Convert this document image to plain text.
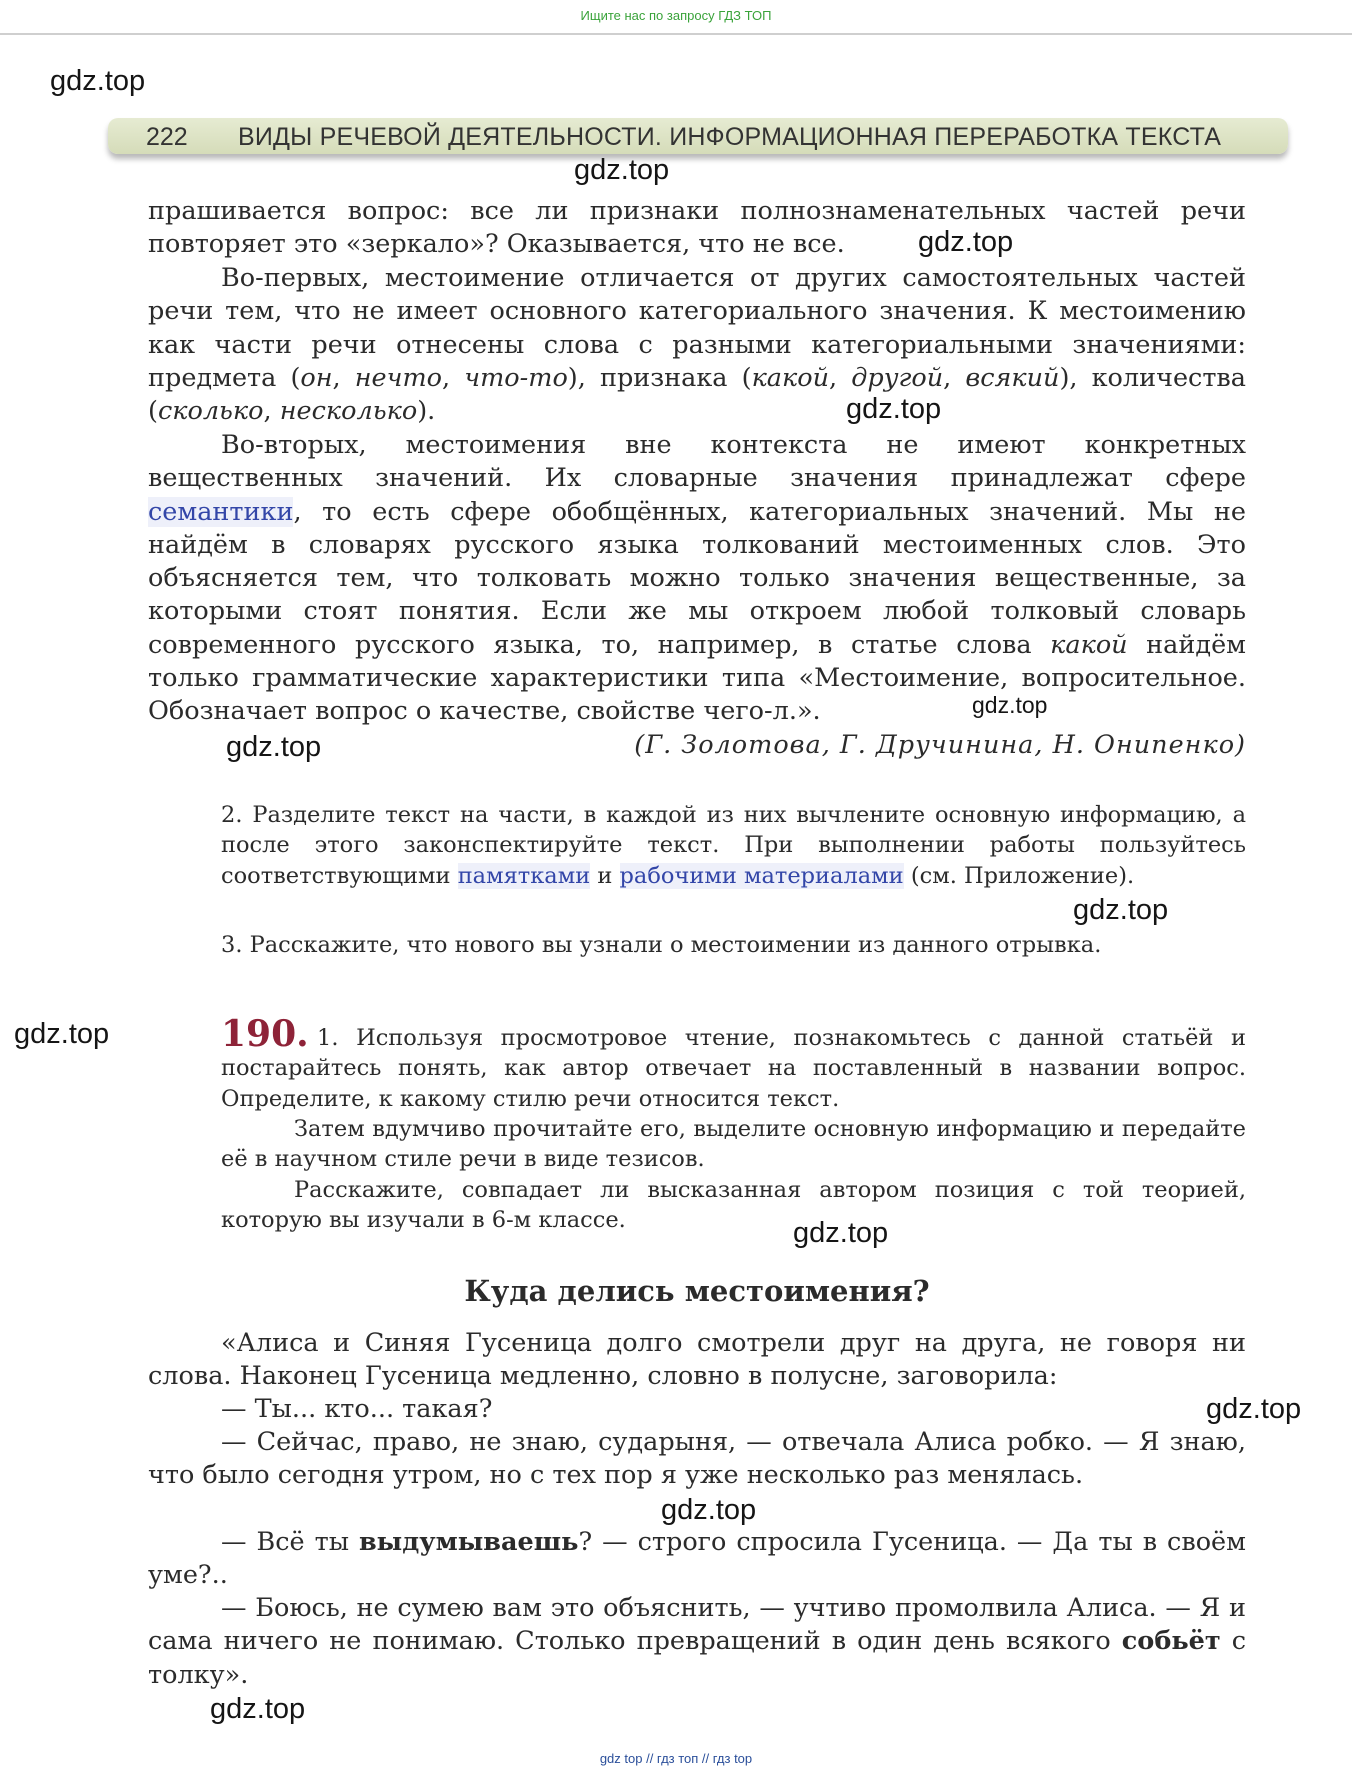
Ищите нас по запросу ГДЗ ТОП
gdz.top
222 ВИДЫ РЕЧЕВОЙ ДЕЯТЕЛЬНОСТИ. ИНФОРМАЦИОННАЯ ПЕРЕРАБОТКА ТЕКСТА
gdz.top

прашивается вопрос: все ли признаки полнознаменательных частей речи повторяет это «зеркало»? Оказывается, что не все.	gdz.top

Во-первых, местоимение отличается от других самостоятельных частей речи тем, что не имеет основного категориального значения. К местоимению как части речи отнесены слова с разными категориальными значениями: предмета (он, нечто, что-то), признака (какой, другой, всякий), количества (сколько, несколько).	gdz.top

Во-вторых, местоимения вне контекста не имеют конкретных вещественных значений. Их словарные значения принадлежат сфере семантики, то есть сфере обобщённых, категориальных значений. Мы не найдём в словарях русского языка толкований местоименных слов. Это объясняется тем, что толковать можно только значения вещественные, за которыми стоят понятия. Если же мы откроем любой толковый словарь современного русского языка, то, например, в статье слова какой найдём только грамматические характеристики типа «Местоимение, вопросительное. Обозначает вопрос о качестве, свойстве чего-л.».	gdz.top
gdz.top	(Г. Золотова, Г. Дручинина, Н. Онипенко)

2. Разделите текст на части, в каждой из них вычлените основную информацию, а после этого законспектируйте текст. При выполнении работы пользуйтесь соответствующими памятками и рабочими материалами (см. Приложение).

gdz.top

3. Расскажите, что нового вы узнали о местоимении из данного отрывка.

gdz.top	190. 1. Используя просмотровое чтение, познакомьтесь с данной статьёй и постарайтесь понять, как автор отвечает на поставленный в названии вопрос. Определите, к какому стилю речи относится текст.

Затем вдумчиво прочитайте его, выделите основную информацию и передайте её в научном стиле речи в виде тезисов.

Расскажите, совпадает ли высказанная автором позиция с той теорией, которую вы изучали в 6-м классе.	gdz.top
Куда делись местоимения?

«Алиса и Синяя Гусеница долго смотрели друг на друга, не говоря ни слова. Наконец Гусеница медленно, словно в полусне, заговорила:

— Ты... кто... такая?	gdz.top

— Сейчас, право, не знаю, сударыня, — отвечала Алиса робко. — Я знаю, что было сегодня утром, но с тех пор я уже несколько раз менялась.

gdz.top

— Всё ты выдумываешь? — строго спросила Гусеница. — Да ты в своём уме?..

— Боюсь, не сумею вам это объяснить, — учтиво промолвила Алиса. — Я и сама ничего не понимаю. Столько превращений в один день всякого собьёт с толку».

gdz.top
gdz top // гдз топ // гдз top
